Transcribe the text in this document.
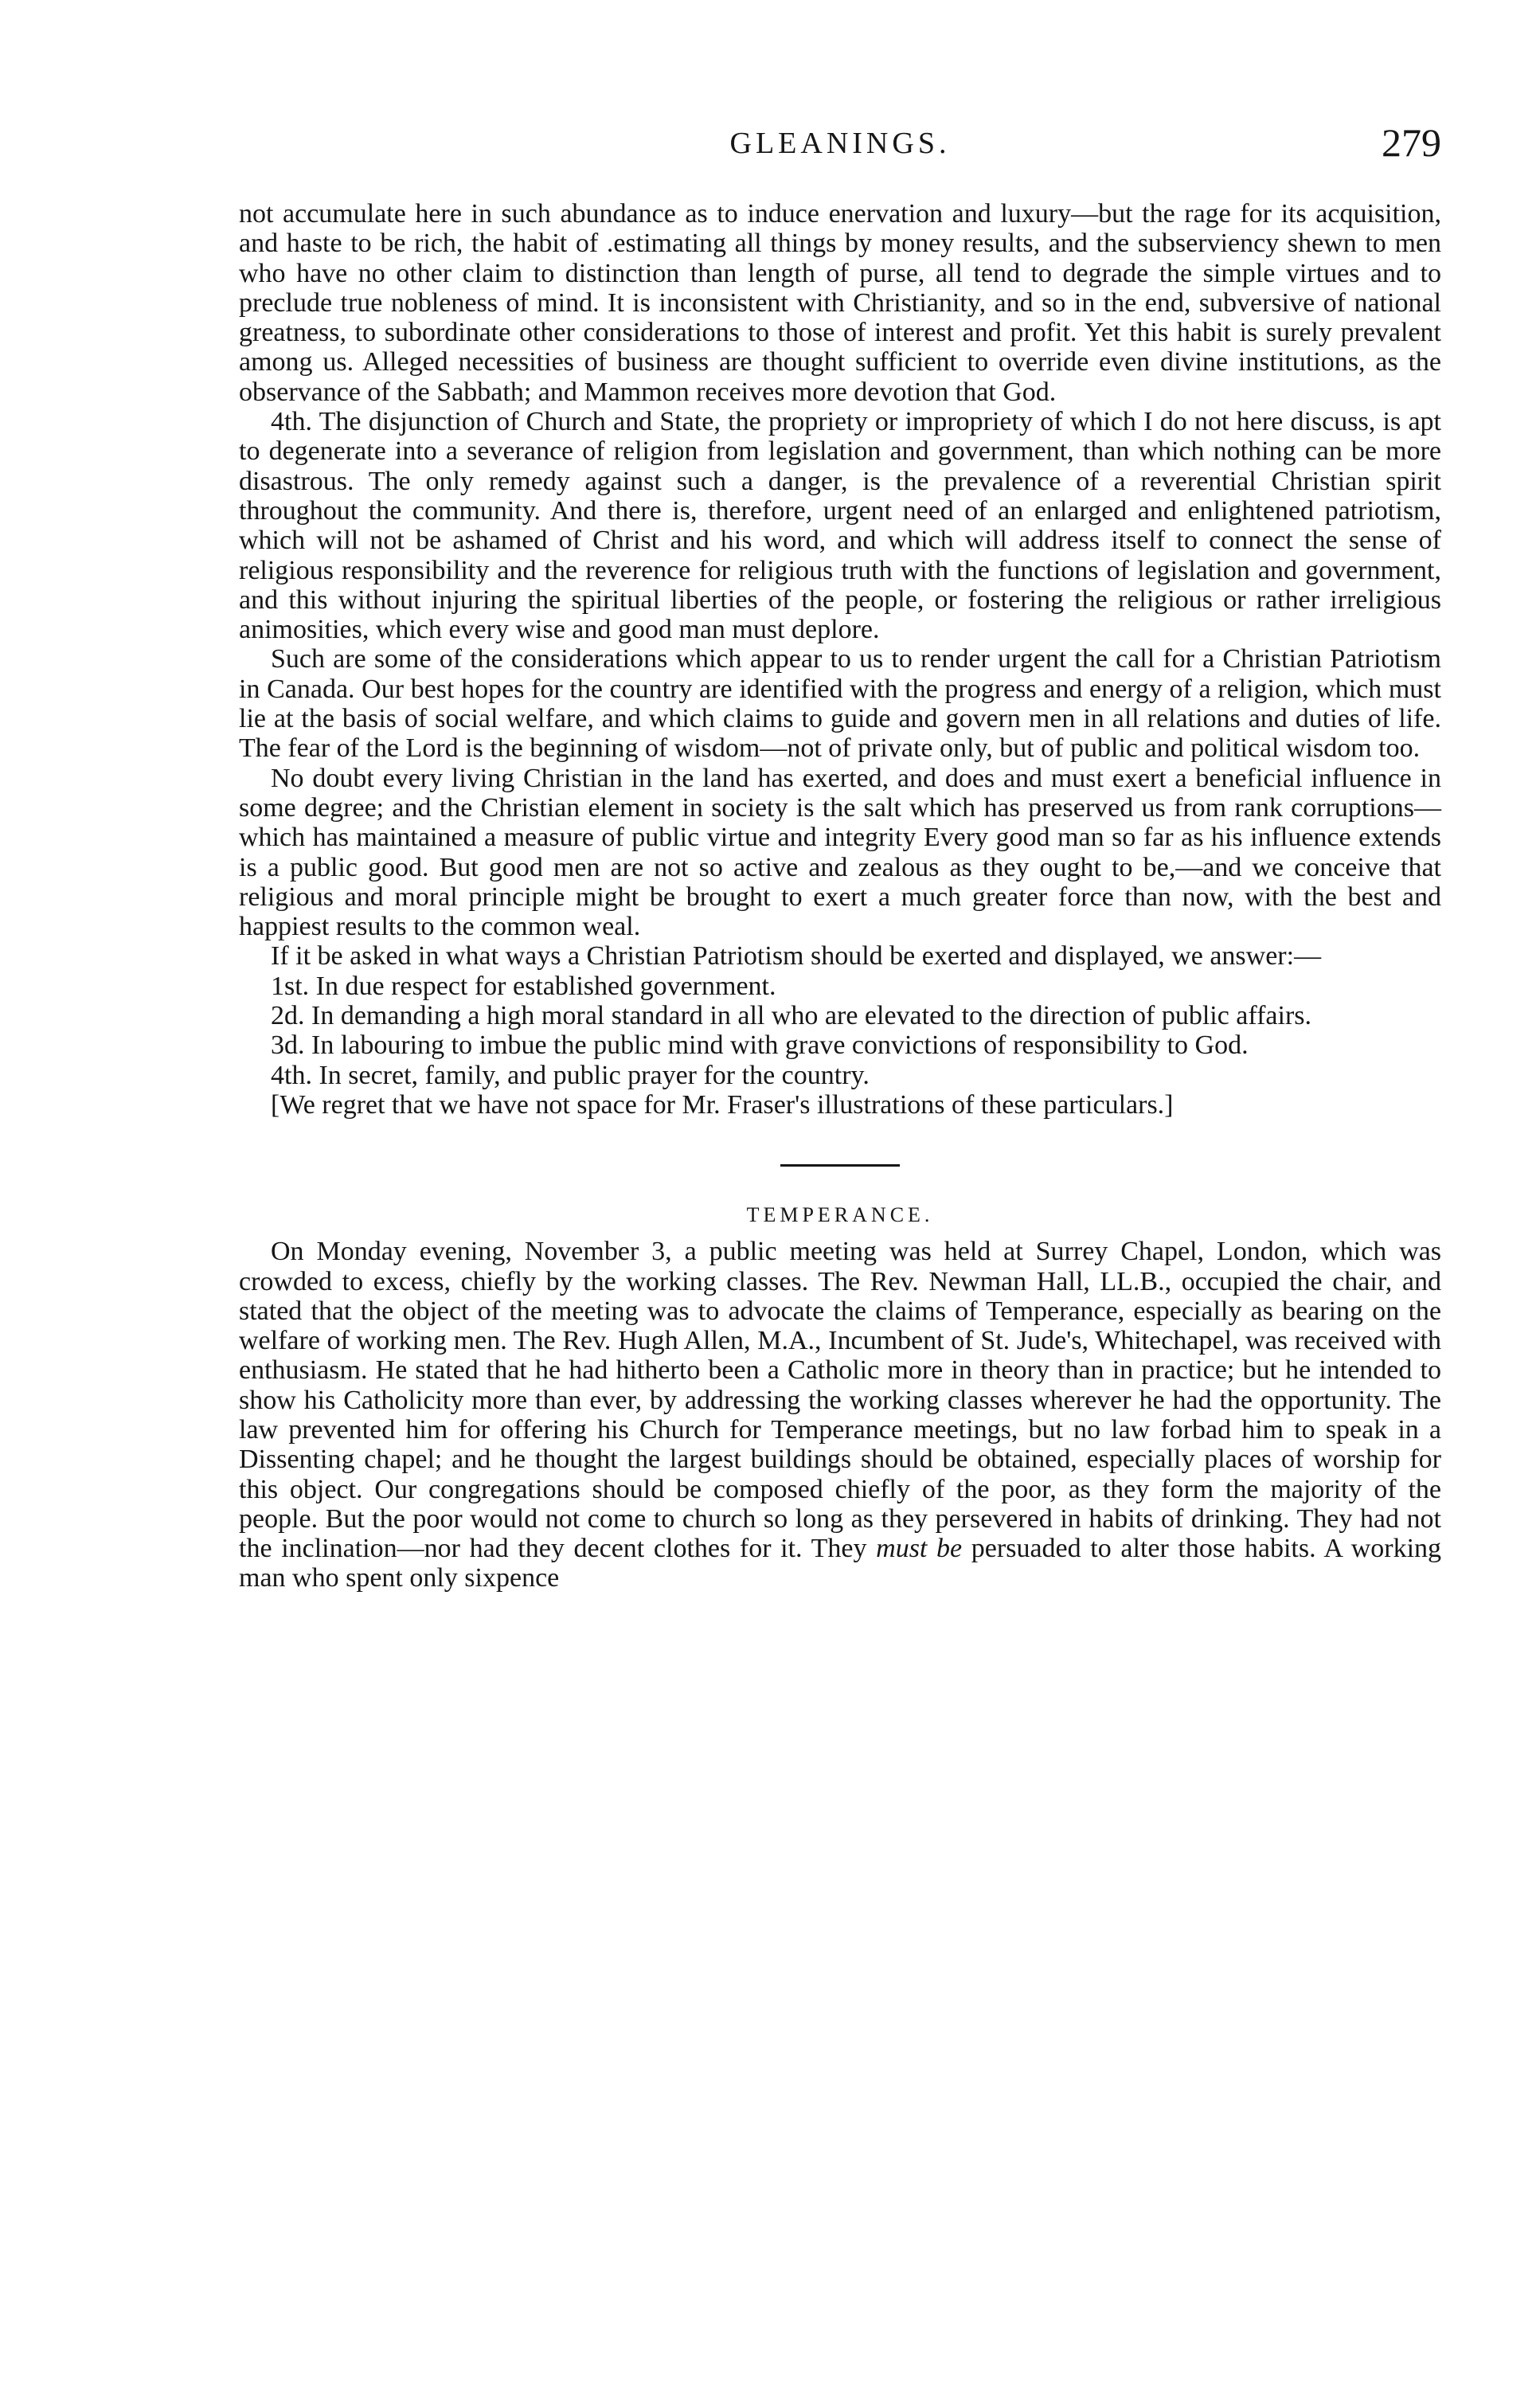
GLEANINGS.	279

not accumulate here in such abundance as to induce enervation and luxury—but the rage for its acquisition, and haste to be rich, the habit of .estimating all things by money results, and the subserviency shewn to men who have no other claim to distinction than length of purse, all tend to degrade the simple virtues and to preclude true nobleness of mind. It is inconsistent with Christianity, and so in the end, subversive of national greatness, to subordinate other considerations to those of interest and profit. Yet this habit is surely prevalent among us. Alleged necessities of business are thought sufficient to override even divine institutions, as the observance of the Sabbath; and Mammon receives more devotion that God.

4th. The disjunction of Church and State, the propriety or impropriety of which I do not here discuss, is apt to degenerate into a severance of religion from legislation and government, than which nothing can be more disastrous. The only remedy against such a danger, is the prevalence of a reverential Christian spirit throughout the community. And there is, therefore, urgent need of an enlarged and enlightened patriotism, which will not be ashamed of Christ and his word, and which will address itself to connect the sense of religious responsibility and the reverence for religious truth with the functions of legislation and government, and this without injuring the spiritual liberties of the people, or fostering the religious or rather irreligious animosities, which every wise and good man must deplore.

Such are some of the considerations which appear to us to render urgent the call for a Christian Patriotism in Canada. Our best hopes for the country are identified with the progress and energy of a religion, which must lie at the basis of social welfare, and which claims to guide and govern men in all relations and duties of life. The fear of the Lord is the beginning of wisdom—not of private only, but of public and political wisdom too.

No doubt every living Christian in the land has exerted, and does and must exert a beneficial influence in some degree; and the Christian element in society is the salt which has preserved us from rank corruptions—which has maintained a measure of public virtue and integrity Every good man so far as his influence extends is a public good. But good men are not so active and zealous as they ought to be,—and we conceive that religious and moral principle might be brought to exert a much greater force than now, with the best and happiest results to the common weal.

If it be asked in what ways a Christian Patriotism should be exerted and displayed, we answer:—

1st. In due respect for established government.

2d. In demanding a high moral standard in all who are elevated to the direction of public affairs.

3d. In labouring to imbue the public mind with grave convictions of responsibility to God.

4th. In secret, family, and public prayer for the country.

[We regret that we have not space for Mr. Fraser's illustrations of these particulars.]

TEMPERANCE.

On Monday evening, November 3, a public meeting was held at Surrey Chapel, London, which was crowded to excess, chiefly by the working classes. The Rev. Newman Hall, LL.B., occupied the chair, and stated that the object of the meeting was to advocate the claims of Temperance, especially as bearing on the welfare of working men. The Rev. Hugh Allen, M.A., Incumbent of St. Jude's, Whitechapel, was received with enthusiasm. He stated that he had hitherto been a Catholic more in theory than in practice; but he intended to show his Catholicity more than ever, by addressing the working classes wherever he had the opportunity. The law prevented him for offering his Church for Temperance meetings, but no law forbad him to speak in a Dissenting chapel; and he thought the largest buildings should be obtained, especially places of worship for this object. Our congregations should be composed chiefly of the poor, as they form the majority of the people. But the poor would not come to church so long as they persevered in habits of drinking. They had not the inclination—nor had they decent clothes for it. They must be persuaded to alter those habits. A working man who spent only sixpence
